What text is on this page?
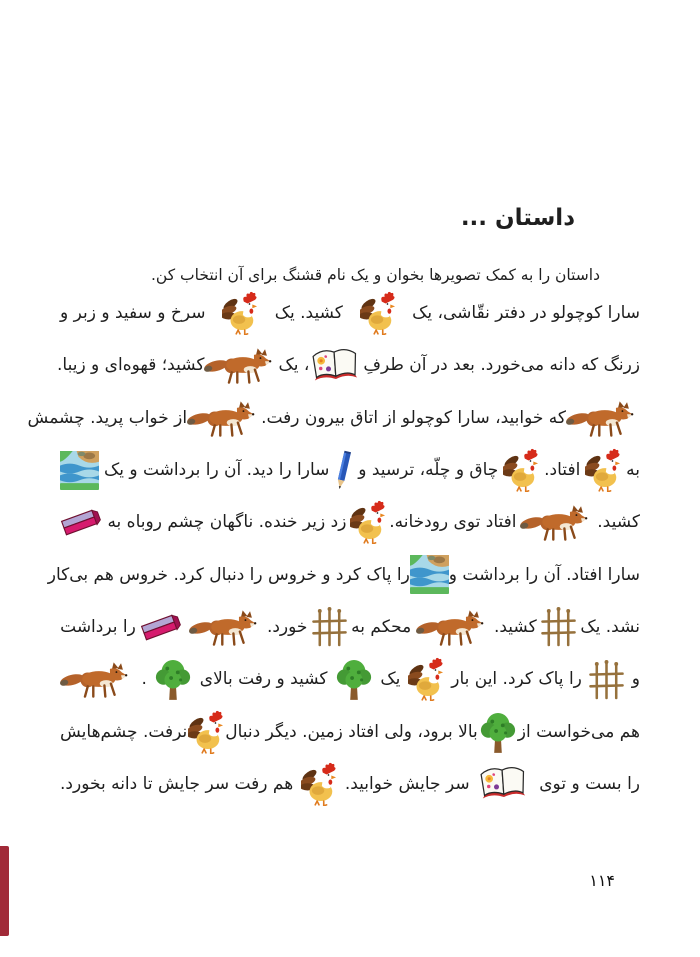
داستان ...

داستان را به کمک تصویرها بخوان و یک نام قشنگ برای آن انتخاب کن.

سارا کوچولو در دفتر نقّاشی، یک
کشید. یک
سرخ و سفید و زبر و
زرنگ که دانه می‌خورد. بعد در آن طرفِ
، یک
کشید؛ قهوه‌ای و زیبا.
که خوابید، سارا کوچولو از اتاق بیرون رفت.
از خواب پرید. چشمش
به
افتاد.
چاق و چلّه، ترسید و
سارا را دید. آن را برداشت و یک
کشید.
افتاد توی رودخانه.
زد زیر خنده. ناگهان چشم روباه به
سارا افتاد. آن را برداشت و
را پاک کرد و خروس را دنبال کرد. خروس هم بی‌کار
نشد. یک
کشید.
محکم به
خورد.
را برداشت
و
را پاک کرد. این بار
یک
کشید و رفت بالای
.
هم می‌خواست از
بالا برود، ولی افتاد زمین. دیگر دنبال
نرفت. چشم‌هایش
را بست و توی
سر جایش خوابید.
هم رفت سر جایش تا دانه بخورد.
۱۱۴
